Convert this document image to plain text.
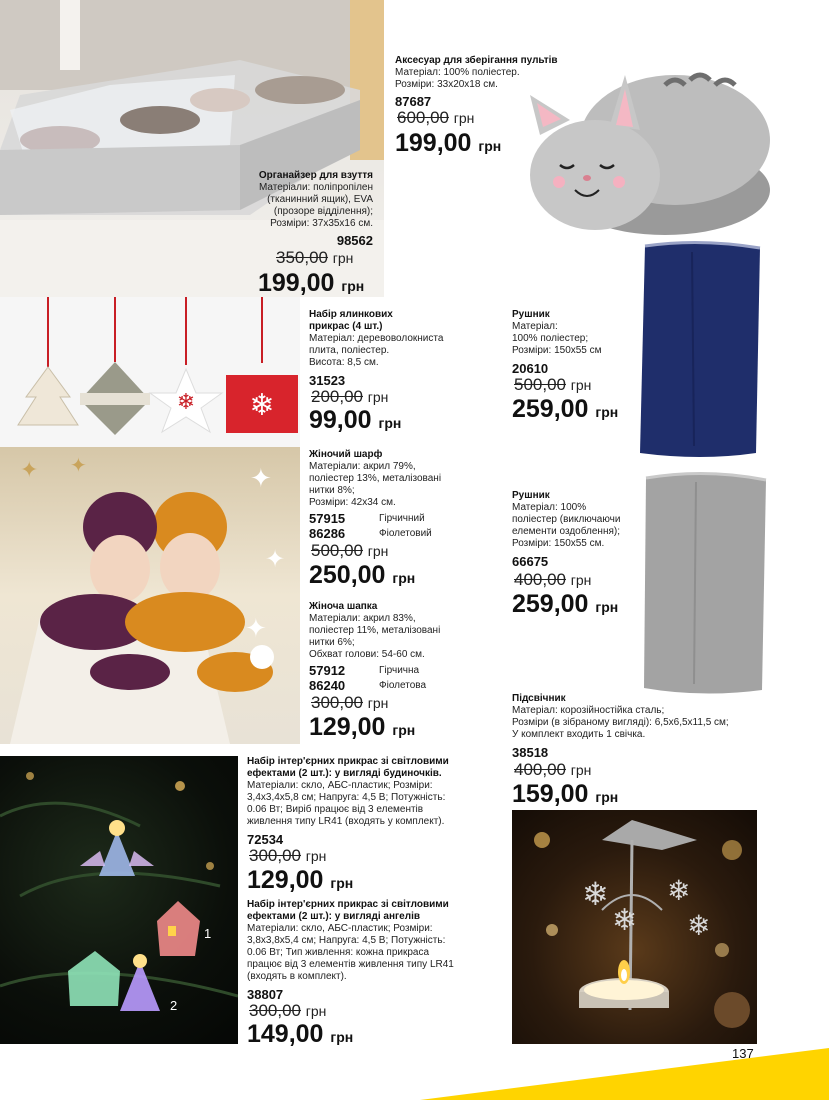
Органайзер для взуття
Матеріали: поліпропілен
(тканинний ящик), EVA
(прозоре відділення);
Розміри: 37x35x16 см.
98562
350,00 грн
199,00 грн
Аксесуар для зберігання пультів
Матеріал: 100% поліестер.
Розміри: 33x20x18 см.
87687
600,00 грн
199,00 грн
❄ ❄
Набір ялинкових
прикрас (4 шт.)
Матеріал: деревоволокниста
плита, поліестер.
Висота: 8,5 см.
31523
200,00 грн
99,00 грн
Рушник
Матеріал:
100% поліестер;
Розміри: 150x55 см
20610
500,00 грн
259,00 грн
✦ ✦	✦
✦
✦
Жіночий шарф
Матеріали: акрил 79%,
поліестер 13%, металізовані
нитки 8%;
Розміри: 42x34 см.
57915	Гірчичний
86286	Фіолетовий
500,00 грн
250,00 грн
Жіноча шапка
Матеріали: акрил 83%,
поліестер 11%, металізовані
нитки 6%;
Обхват голови: 54-60 см.
57912	Гірчична
86240	Фіолетова
300,00 грн
129,00 грн
Рушник
Матеріал: 100%
поліестер (виключаючи
елементи оздоблення);
Розміри: 150x55 см.
66675
400,00 грн
259,00 грн
Підсвічник
Матеріал: корозійностійка сталь;
Розміри (в зібраному вигляді): 6,5x6,5x11,5 см;
У комплект входить 1 свічка.
38518
400,00 грн
159,00 грн
❄
❄
❄
❄
1
2
Набір інтер'єрних прикрас зі світловими
ефектами (2 шт.): у вигляді будиночків.
Матеріали: скло, АБС-пластик; Розміри:
3,4x3,4x5,8 см; Напруга: 4,5 В; Потужність:
0.06 Вт; Виріб працює від 3 елементів
живлення типу LR41 (входять у комплект).
72534
300,00 грн
129,00 грн
Набір інтер'єрних прикрас зі світловими
ефектами (2 шт.): у вигляді ангелів
Матеріали: скло, АБС-пластик; Розміри:
3,8x3,8x5,4 см; Напруга: 4,5 В; Потужність:
0.06 Вт; Тип живлення: кожна прикраса
працює від 3 елементів живлення типу LR41
(входять в комплект).
38807
300,00 грн
149,00 грн
137
